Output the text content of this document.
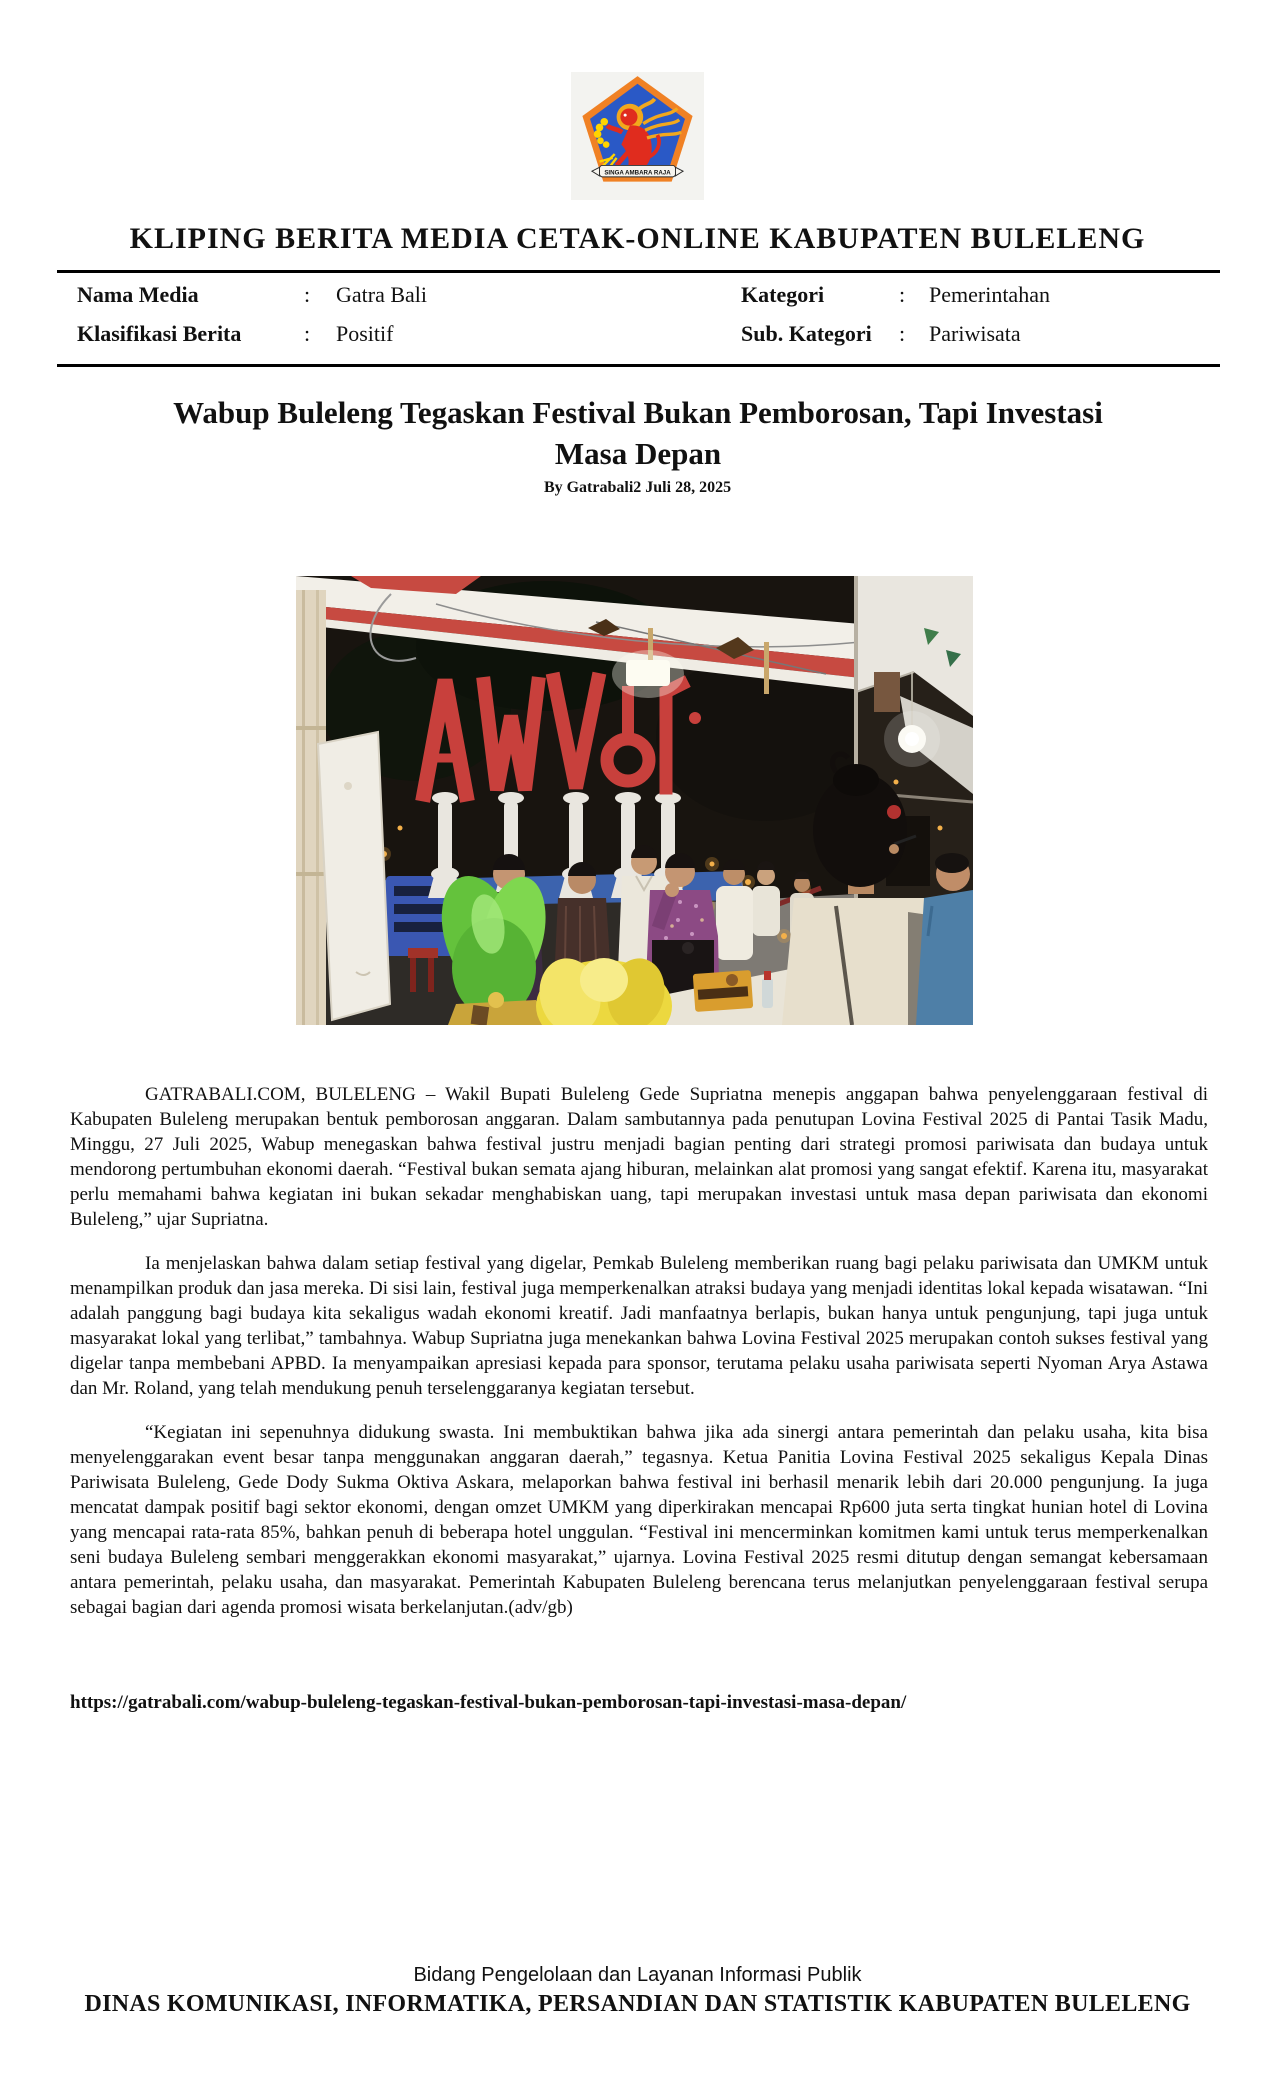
SINGA AMBARA RAJA
KLIPING BERITA MEDIA CETAK-ONLINE KABUPATEN BULELENG
Nama Media	: Gatra Bali	Kategori	: Pemerintahan
Klasifikasi Berita	: Positif	Sub. Kategori : Pariwisata
Wabup Buleleng Tegaskan Festival Bukan Pemborosan, Tapi Investasi
Masa Depan
By Gatrabali2 Juli 28, 2025

GATRABALI.COM, BULELENG – Wakil Bupati Buleleng Gede Supriatna menepis anggapan bahwa penyelenggaraan festival di Kabupaten Buleleng merupakan bentuk pemborosan anggaran. Dalam sambutannya pada penutupan Lovina Festival 2025 di Pantai Tasik Madu, Minggu, 27 Juli 2025, Wabup menegaskan bahwa festival justru menjadi bagian penting dari strategi promosi pariwisata dan budaya untuk mendorong pertumbuhan ekonomi daerah. “Festival bukan semata ajang hiburan, melainkan alat promosi yang sangat efektif. Karena itu, masyarakat perlu memahami bahwa kegiatan ini bukan sekadar menghabiskan uang, tapi merupakan investasi untuk masa depan pariwisata dan ekonomi Buleleng,” ujar Supriatna.

Ia menjelaskan bahwa dalam setiap festival yang digelar, Pemkab Buleleng memberikan ruang bagi pelaku pariwisata dan UMKM untuk menampilkan produk dan jasa mereka. Di sisi lain, festival juga memperkenalkan atraksi budaya yang menjadi identitas lokal kepada wisatawan. “Ini adalah panggung bagi budaya kita sekaligus wadah ekonomi kreatif. Jadi manfaatnya berlapis, bukan hanya untuk pengunjung, tapi juga untuk masyarakat lokal yang terlibat,” tambahnya. Wabup Supriatna juga menekankan bahwa Lovina Festival 2025 merupakan contoh sukses festival yang digelar tanpa membebani APBD. Ia menyampaikan apresiasi kepada para sponsor, terutama pelaku usaha pariwisata seperti Nyoman Arya Astawa dan Mr. Roland, yang telah mendukung penuh terselenggaranya kegiatan tersebut.

“Kegiatan ini sepenuhnya didukung swasta. Ini membuktikan bahwa jika ada sinergi antara pemerintah dan pelaku usaha, kita bisa menyelenggarakan event besar tanpa menggunakan anggaran daerah,” tegasnya. Ketua Panitia Lovina Festival 2025 sekaligus Kepala Dinas Pariwisata Buleleng, Gede Dody Sukma Oktiva Askara, melaporkan bahwa festival ini berhasil menarik lebih dari 20.000 pengunjung. Ia juga mencatat dampak positif bagi sektor ekonomi, dengan omzet UMKM yang diperkirakan mencapai Rp600 juta serta tingkat hunian hotel di Lovina yang mencapai rata-rata 85%, bahkan penuh di beberapa hotel unggulan. “Festival ini mencerminkan komitmen kami untuk terus memperkenalkan seni budaya Buleleng sembari menggerakkan ekonomi masyarakat,” ujarnya. Lovina Festival 2025 resmi ditutup dengan semangat kebersamaan antara pemerintah, pelaku usaha, dan masyarakat. Pemerintah Kabupaten Buleleng berencana terus melanjutkan penyelenggaraan festival serupa sebagai bagian dari agenda promosi wisata berkelanjutan.(adv/gb)

https://gatrabali.com/wabup-buleleng-tegaskan-festival-bukan-pemborosan-tapi-investasi-masa-depan/
Bidang Pengelolaan dan Layanan Informasi Publik
DINAS KOMUNIKASI, INFORMATIKA, PERSANDIAN DAN STATISTIK KABUPATEN BULELENG
